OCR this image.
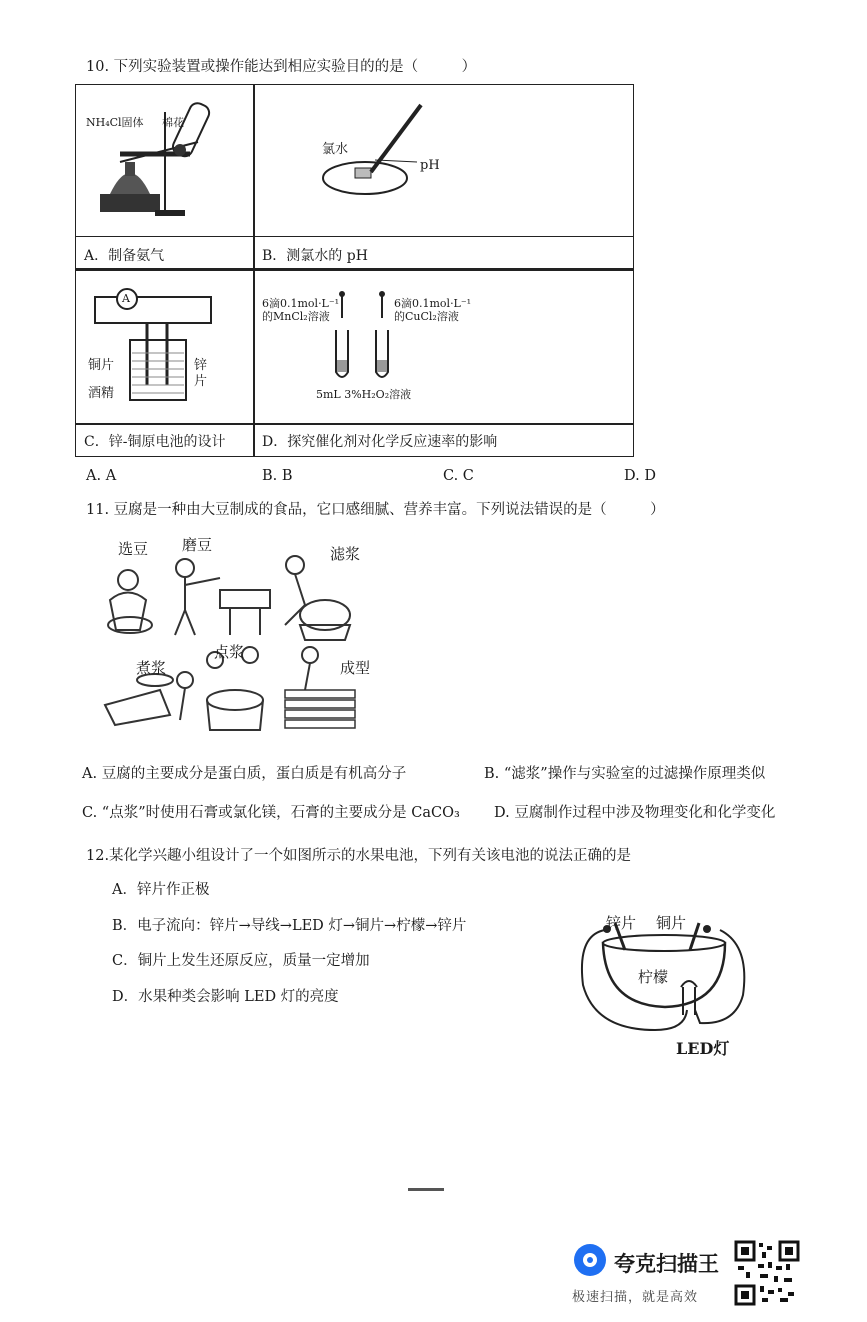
10. 下列实验装置或操作能达到相应实验目的的是（　　　）
A．制备氨气	B．测氯水的 pH
C．锌-铜原电池的设计	D．探究催化剂对化学反应速率的影响
NH₄Cl固体 棉花
氯水
pH
A
铜片	锌片
酒精
6滴0.1mol·L⁻¹
的MnCl₂溶液
6滴0.1mol·L⁻¹
的CuCl₂溶液
5mL 3%H₂O₂溶液
A. A	B. B	C. C	D. D
11. 豆腐是一种由大豆制成的食品，它口感细腻、营养丰富。下列说法错误的是（　　　）
选豆 磨豆	滤浆
煮浆
点浆
成型
A. 豆腐的主要成分是蛋白质，蛋白质是有机高分子	B. “滤浆”操作与实验室的过滤操作原理类似
C. “点浆”时使用石膏或氯化镁，石膏的主要成分是 CaCO₃ D. 豆腐制作过程中涉及物理变化和化学变化
12.某化学兴趣小组设计了一个如图所示的水果电池，下列有关该电池的说法正确的是
A．锌片作正极
B．电子流向：锌片→导线→LED 灯→铜片→柠檬→锌片
C．铜片上发生还原反应，质量一定增加
D．水果种类会影响 LED 灯的亮度
锌片 铜片
柠檬
LED灯
夸克扫描王
极速扫描，就是高效
